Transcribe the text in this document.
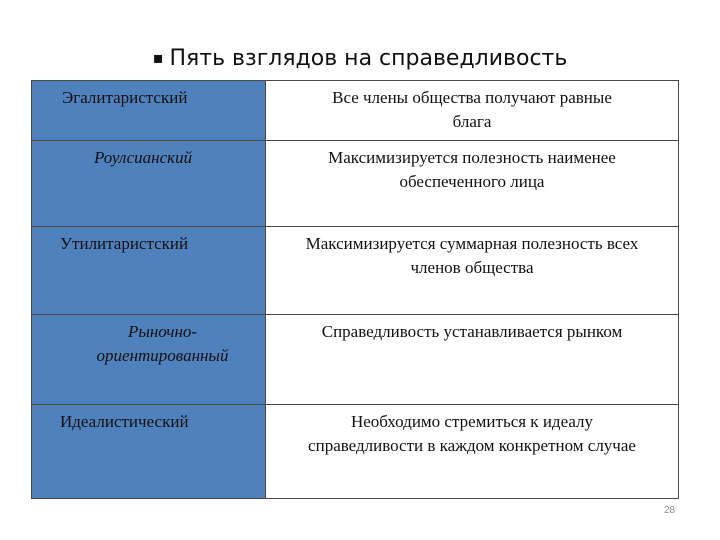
▪ Пять взглядов на справедливость
Эгалитаристский	Все члены общества получают равные блага

Роулсианский	Максимизируется полезность наименее обеспеченного лица

Утилитаристский	Максимизируется суммарная полезность всех членов общества

Рыночно-ориентированный	Справедливость устанавливается рынком

Идеалистический	Необходимо стремиться к идеалу справедливости в каждом конкретном случае
28
